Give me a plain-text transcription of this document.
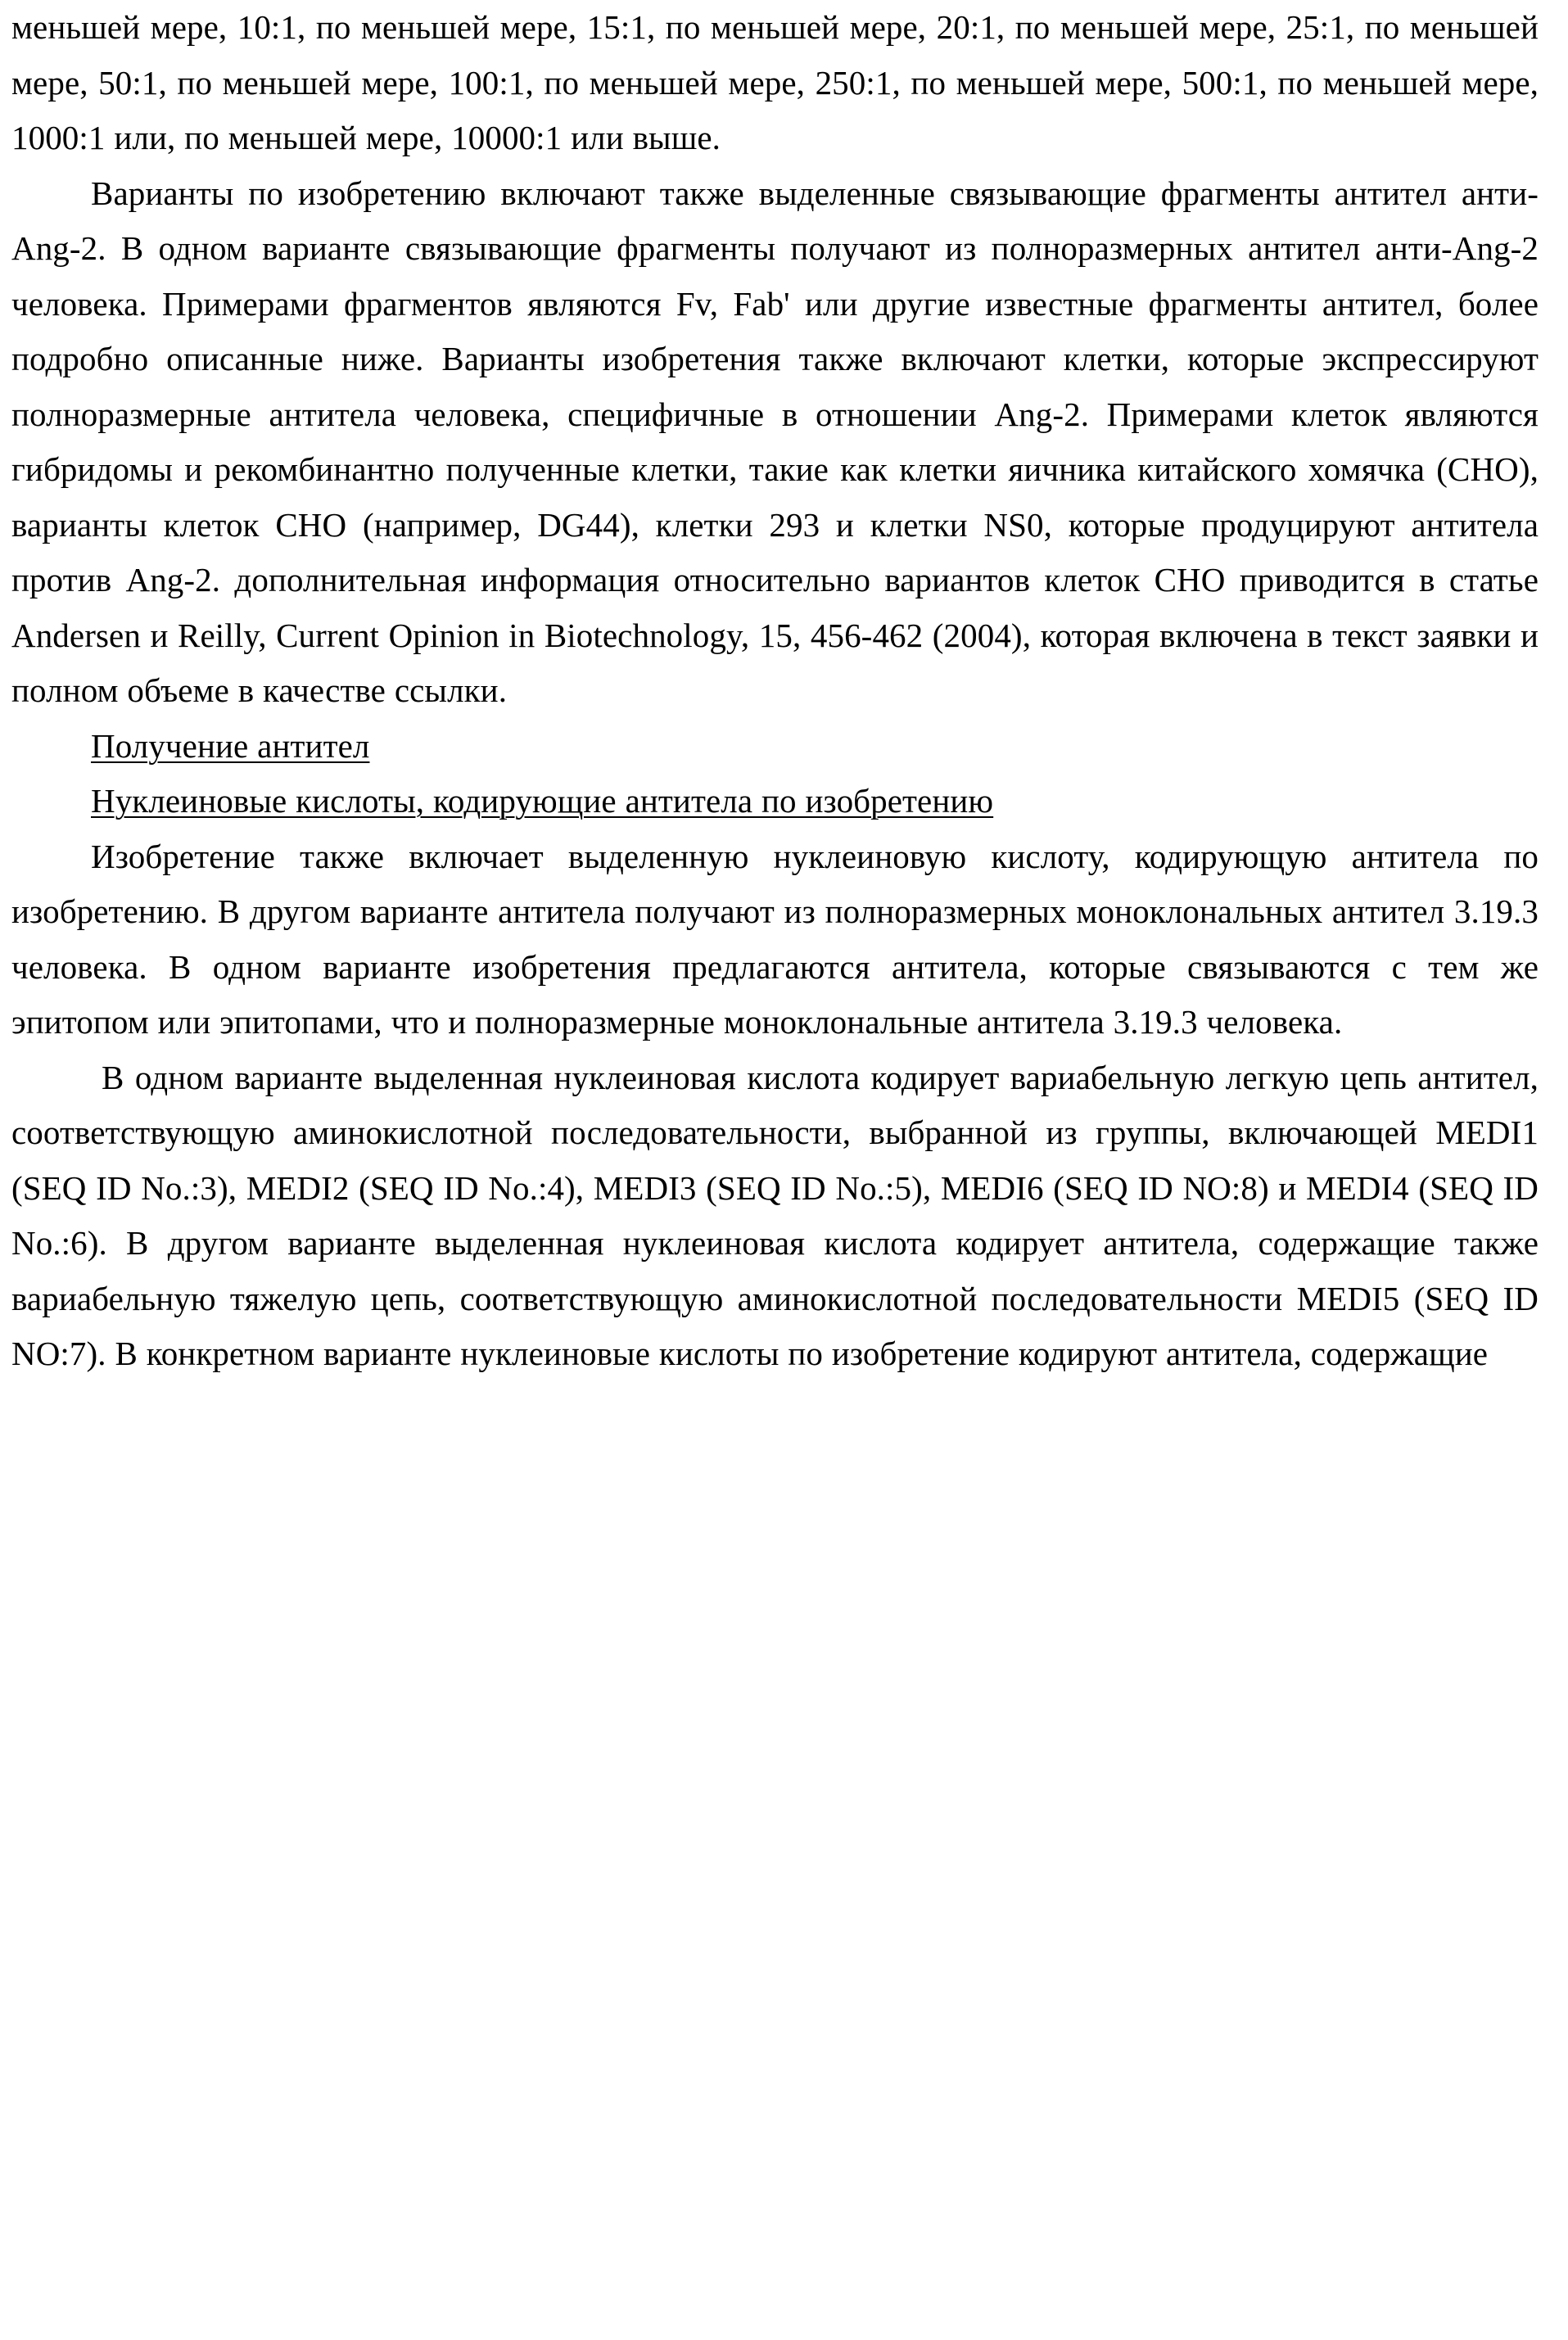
меньшей мере, 10:1, по меньшей мере, 15:1, по меньшей мере, 20:1, по меньшей мере, 25:1, по меньшей мере, 50:1, по меньшей мере, 100:1, по меньшей мере, 250:1, по меньшей мере, 500:1, по меньшей мере, 1000:1 или, по меньшей мере, 10000:1 или выше.

Варианты по изобретению включают также выделенные связывающие фрагменты антител анти-Ang-2. В одном варианте связывающие фрагменты получают из полноразмерных антител анти-Ang-2 человека. Примерами фрагментов являются Fv, Fab' или другие известные фрагменты антител, более подробно описанные ниже. Варианты изобретения также включают клетки, которые экспрессируют полноразмерные антитела человека, специфичные в отношении Ang-2. Примерами клеток являются гибридомы и рекомбинантно полученные клетки, такие как клетки яичника китайского хомячка (CHO), варианты клеток CHO (например, DG44), клетки 293 и клетки NS0, которые продуцируют антитела против Ang-2. дополнительная информация относительно вариантов клеток CHO приводится в статье Andersen и Reilly, Current Opinion in Biotechnology, 15, 456-462 (2004), которая включена в текст заявки и полном объеме в качестве ссылки.

Получение антител

Нуклеиновые кислоты, кодирующие антитела по изобретению

Изобретение также включает выделенную нуклеиновую кислоту, кодирующую антитела по изобретению. В другом варианте антитела получают из полноразмерных моноклональных антител 3.19.3 человека. В одном варианте изобретения предлагаются антитела, которые связываются с тем же эпитопом или эпитопами, что и полноразмерные моноклональные антитела 3.19.3 человека.

В одном варианте выделенная нуклеиновая кислота кодирует вариабельную легкую цепь антител, соответствующую аминокислотной последовательности, выбранной из группы, включающей MEDI1 (SEQ ID No.:3), MEDI2 (SEQ ID No.:4), MEDI3 (SEQ ID No.:5), MEDI6 (SEQ ID NO:8) и MEDI4 (SEQ ID No.:6). В другом варианте выделенная нуклеиновая кислота кодирует антитела, содержащие также вариабельную тяжелую цепь, соответствующую аминокислотной последовательности MEDI5 (SEQ ID NO:7). В конкретном варианте нуклеиновые кислоты по изобретение кодируют антитела, содержащие
